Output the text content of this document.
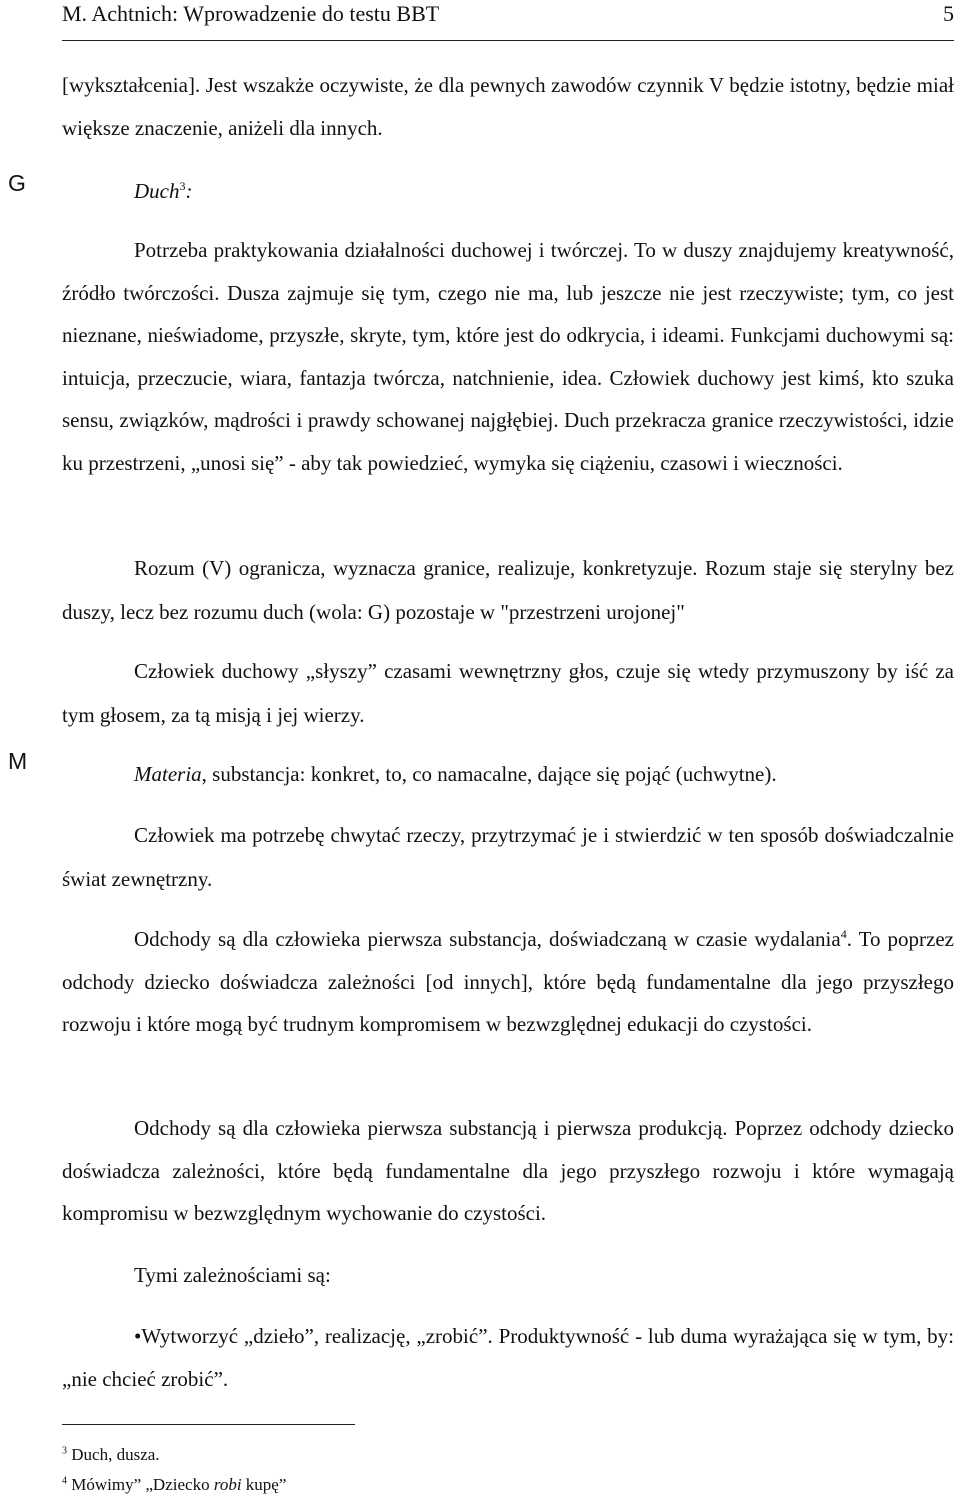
M. Achtnich: Wprowadzenie do testu BBT	5
G
M

[wykształcenia]. Jest wszakże oczywiste, że dla pewnych zawodów czynnik V będzie istotny, będzie miał większe znaczenie, aniżeli dla innych.

Duch$^3$:

Potrzeba praktykowania działalności duchowej i twórczej. To w duszy znajdujemy kreatywność, źródło twórczości. Dusza zajmuje się tym, czego nie ma, lub jeszcze nie jest rzeczywiste; tym, co jest nieznane, nieświadome, przyszłe, skryte, tym, które jest do odkrycia, i ideami. Funkcjami duchowymi są: intuicja, przeczucie, wiara, fantazja twórcza, natchnienie, idea. Człowiek duchowy jest kimś, kto szuka sensu, związków, mądrości i prawdy schowanej najgłębiej. Duch przekracza granice rzeczywistości, idzie ku przestrzeni, „unosi się” - aby tak powiedzieć, wymyka się ciążeniu, czasowi i wieczności.

Rozum (V) ogranicza, wyznacza granice, realizuje, konkretyzuje. Rozum staje się sterylny bez duszy, lecz bez rozumu duch (wola: G) pozostaje w "przestrzeni urojonej"

Człowiek duchowy „słyszy” czasami wewnętrzny głos, czuje się wtedy przymuszony by iść za tym głosem, za tą misją i jej wierzy.

Materia, substancja: konkret, to, co namacalne, dające się pojąć (uchwytne).

Człowiek ma potrzebę chwytać rzeczy, przytrzymać je i stwierdzić w ten sposób doświadczalnie świat zewnętrzny.

Odchody są dla człowieka pierwsza substancja, doświadczaną w czasie wydalania$^4$. To poprzez odchody dziecko doświadcza zależności [od innych], które będą fundamentalne dla jego przyszłego rozwoju i które mogą być trudnym kompromisem w bezwzględnej edukacji do czystości.

Odchody są dla człowieka pierwsza substancją i pierwsza produkcją. Poprzez odchody dziecko doświadcza zależności, które będą fundamentalne dla jego przyszłego rozwoju i które wymagają kompromisu w bezwzględnym wychowanie do czystości.

Tymi zależnościami są:

•Wytworzyć „dzieło”, realizację, „zrobić”. Produktywność - lub duma wyrażająca się w tym, by: „nie chcieć zrobić”.

$^3$ Duch, dusza.
$^4$ Mówimy” „Dziecko robi kupę”
